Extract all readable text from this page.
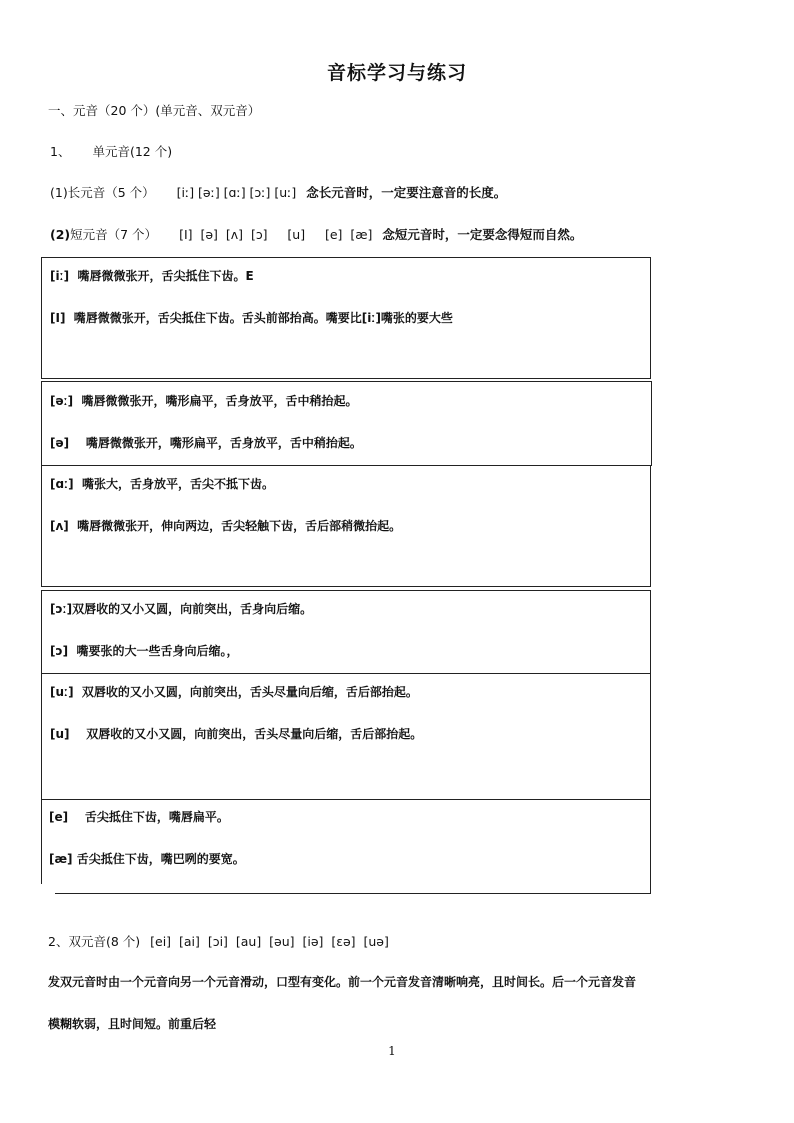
音标学习与练习
一、元音（20 个）(单元音、双元音）
1、 单元音(12 个)
(1)长元音（5 个） [iː] [əː] [ɑː] [ɔː] [uː] 念长元音时，一定要注意音的长度。
(2)短元音（7 个） [I]  [ə]  [ʌ]  [ɔ]     [u]     [e]  [æ] 念短元音时，一定要念得短而自然。
[iː] 嘴唇微微张开，舌尖抵住下齿。E
[I] 嘴唇微微张开，舌尖抵住下齿。舌头前部抬高。嘴要比[iː]嘴张的要大些
[əː] 嘴唇微微张开，嘴形扁平，舌身放平，舌中稍抬起。
[ə] 嘴唇微微张开，嘴形扁平，舌身放平，舌中稍抬起。
[ɑː] 嘴张大，舌身放平，舌尖不抵下齿。
[ʌ] 嘴唇微微张开，伸向两边，舌尖轻触下齿，舌后部稍微抬起。
[ɔː]双唇收的又小又圆，向前突出，舌身向后缩。
[ɔ] 嘴要张的大一些舌身向后缩。，
[uː] 双唇收的又小又圆，向前突出，舌头尽量向后缩，舌后部抬起。
[u] 双唇收的又小又圆，向前突出，舌头尽量向后缩，舌后部抬起。
[e] 舌尖抵住下齿，嘴唇扁平。
[æ] 舌尖抵住下齿，嘴巴咧的要宽。
2、双元音(8 个) [ei]  [ai]  [ɔi]  [au]  [əu]  [iə]  [ɛə]  [uə]
发双元音时由一个元音向另一个元音滑动，口型有变化。前一个元音发音清晰响亮，且时间长。后一个元音发音
模糊软弱，且时间短。前重后轻
1
